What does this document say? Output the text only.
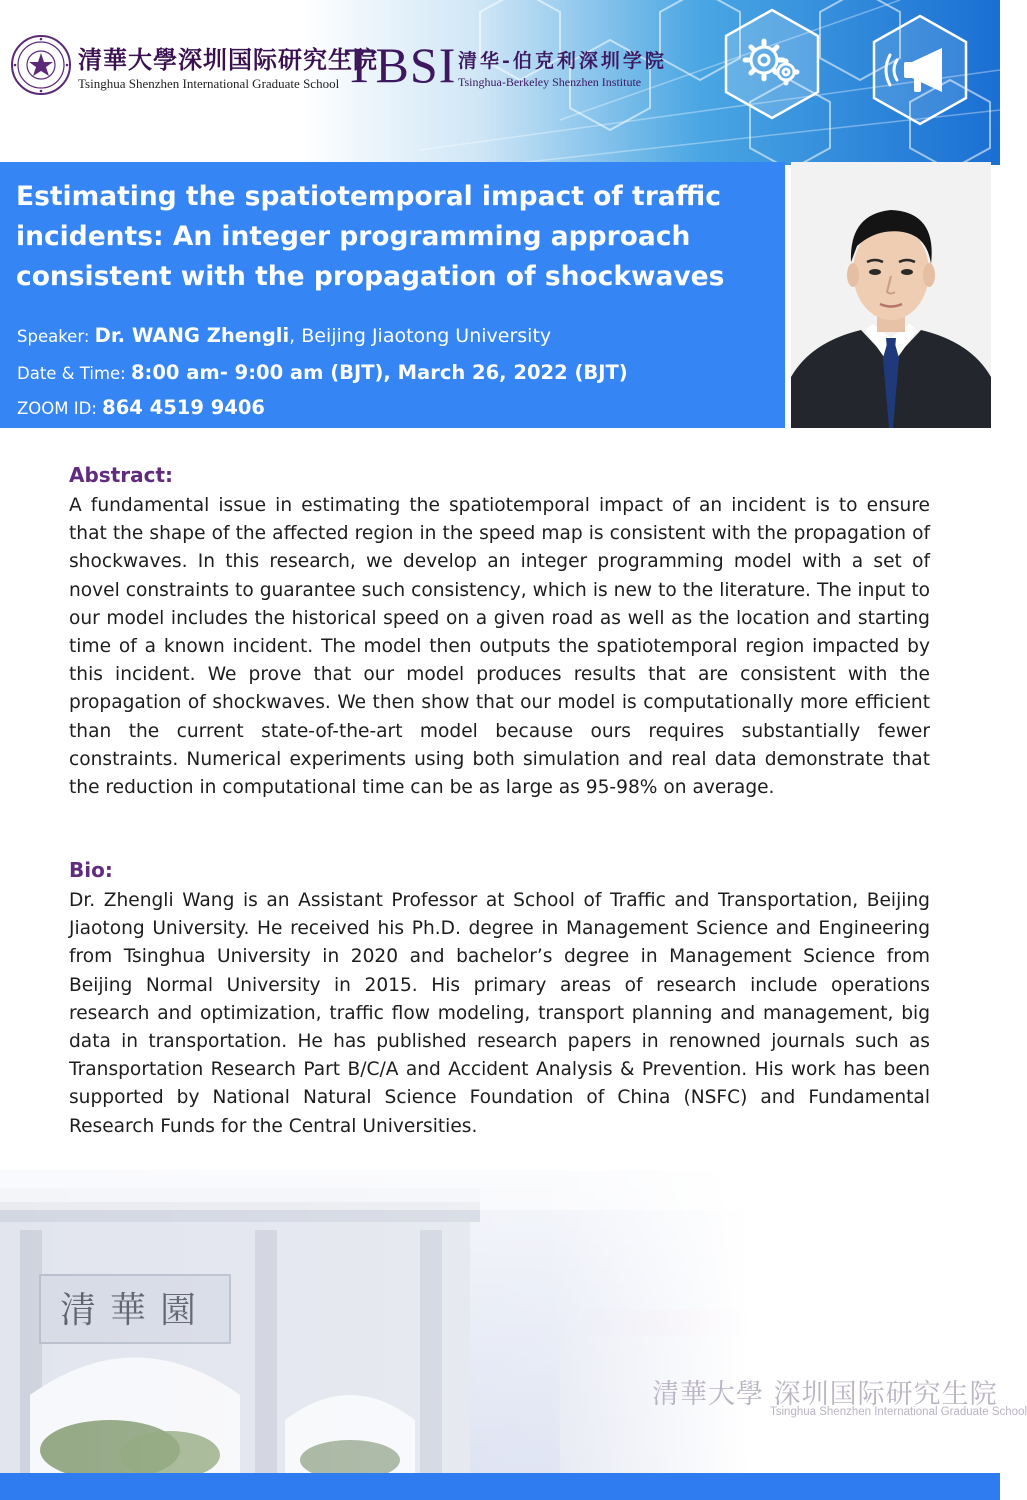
清華大學深圳国际研究生院
Tsinghua Shenzhen International Graduate School TBSI 清华-伯克利深圳学院
Tsinghua-Berkeley Shenzhen Institute
Estimating the spatiotemporal impact of traffic incidents: An integer programming approach consistent with the propagation of shockwaves
Speaker: Dr. WANG Zhengli, Beijing Jiaotong University
Date & Time: 8:00 am- 9:00 am (BJT), March 26, 2022 (BJT)
ZOOM ID: 864 4519 9406
Abstract:

A fundamental issue in estimating the spatiotemporal impact of an incident is to ensure that the shape of the affected region in the speed map is consistent with the propagation of shockwaves. In this research, we develop an integer programming model with a set of novel constraints to guarantee such consistency, which is new to the literature. The input to our model includes the historical speed on a given road as well as the location and starting time of a known incident. The model then outputs the spatiotemporal region impacted by this incident. We prove that our model produces results that are consistent with the propagation of shockwaves. We then show that our model is computationally more efficient than the current state-of-the-art model because ours requires substantially fewer constraints. Numerical experiments using both simulation and real data demonstrate that the reduction in computational time can be as large as 95-98% on average.

Bio:

Dr. Zhengli Wang is an Assistant Professor at School of Traffic and Transportation, Beijing Jiaotong University. He received his Ph.D. degree in Management Science and Engineering from Tsinghua University in 2020 and bachelor’s degree in Management Science from Beijing Normal University in 2015. His primary areas of research include operations research and optimization, traffic flow modeling, transport planning and management, big data in transportation. He has published research papers in renowned journals such as Transportation Research Part B/C/A and Accident Analysis & Prevention. His work has been supported by National Natural Science Foundation of China (NSFC) and Fundamental Research Funds for the Central Universities.

清華大學 深圳国际研究生院
Tsinghua Shenzhen International Graduate School
